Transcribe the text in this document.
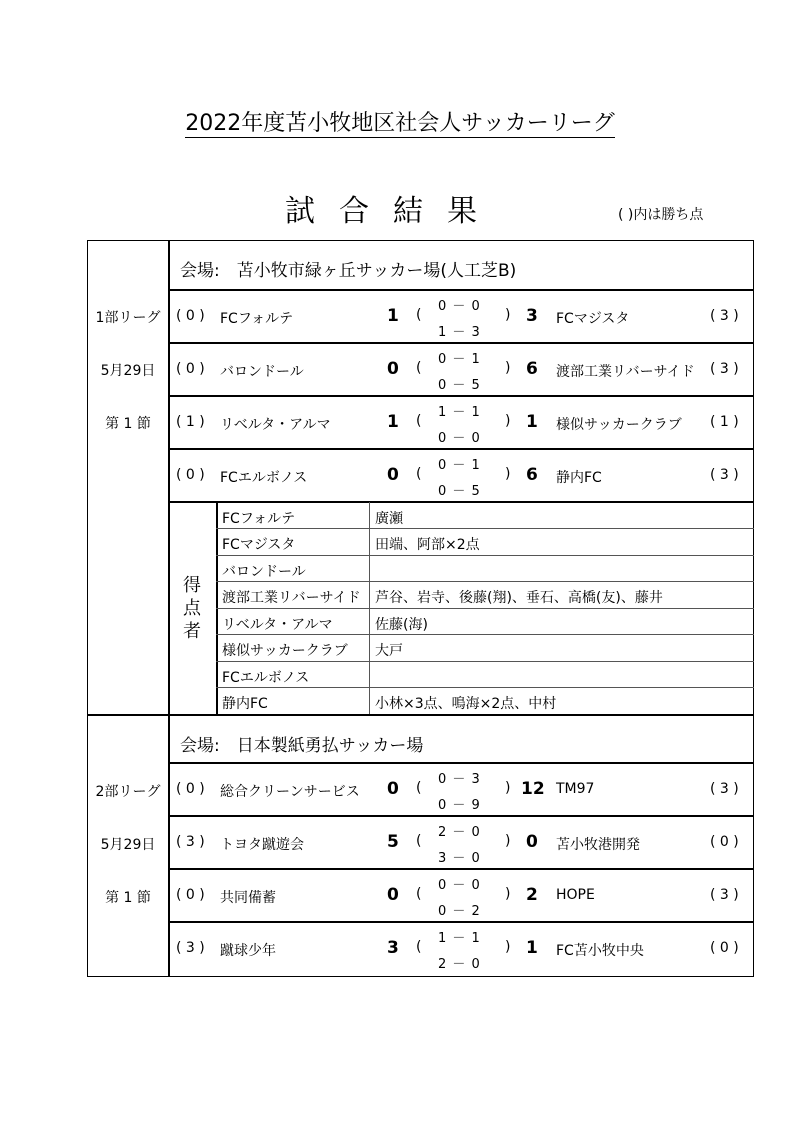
2022年度苫小牧地区社会人サッカーリーグ
試 合 結 果	( )内は勝ち点
会場:　苫小牧市緑ヶ丘サッカー場(人工芝B)
1部リーグ
5月29日
第 1 節
( 0 ) FCフォルテ	1 (
0 － 0
1 － 3
) 3 FCマジスタ	( 3 )
( 0 ) バロンドール	0 (
0 － 1
0 － 5
) 6 渡部工業リバーサイド ( 3 )
( 1 ) リベルタ・アルマ	1 (
1 － 1
0 － 0
) 1 様似サッカークラブ ( 1 )
( 0 ) FCエルボノス	0 (
0 － 1
0 － 5
) 6 静内FC	( 3 )
得
点
者
FCフォルテ	廣瀬
FCマジスタ	田端、阿部×2点
バロンドール
渡部工業リバーサイド 芦谷、岩寺、後藤(翔)、垂石、高橋(友)、藤井
リベルタ・アルマ	佐藤(海)
様似サッカークラブ 大戸
FCエルボノス
静内FC	小林×3点、鳴海×2点、中村
会場:　日本製紙勇払サッカー場
2部リーグ
5月29日
第 1 節
( 0 ) 総合クリーンサービス 0 (
0 － 3
0 － 9
) 12 TM97	( 3 )
( 3 ) トヨタ蹴遊会	5 (
2 － 0
3 － 0
) 0 苫小牧港開発	( 0 )
( 0 ) 共同備蓄	0 (
0 － 0
0 － 2
) 2 HOPE	( 3 )
( 3 ) 蹴球少年	3 (
1 － 1
2 － 0
) 1 FC苫小牧中央	( 0 )
